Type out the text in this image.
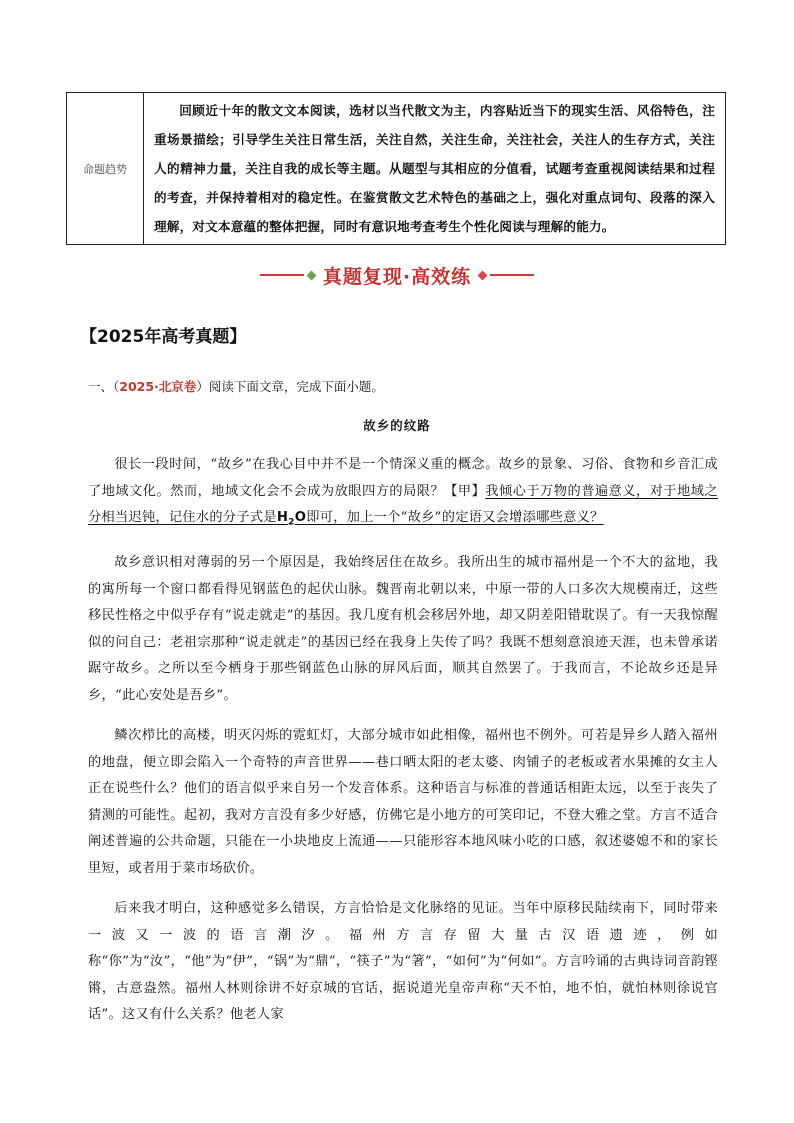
命题趋势	回顾近十年的散文文本阅读，选材以当代散文为主，内容贴近当下的现实生活、风俗特色，注重场景描绘；引导学生关注日常生活，关注自然，关注生命，关注社会，关注人的生存方式，关注人的精神力量，关注自我的成长等主题。从题型与其相应的分值看，试题考查重视阅读结果和过程的考查，并保持着相对的稳定性。在鉴赏散文艺术特色的基础之上，强化对重点词句、段落的深入理解，对文本意蕴的整体把握，同时有意识地考查考生个性化阅读与理解的能力。
真题复现·高效练
【2025年高考真题】
一、（2025·北京卷）阅读下面文章，完成下面小题。
故乡的纹路

很长一段时间，“故乡”在我心目中并不是一个情深义重的概念。故乡的景象、习俗、食物和乡音汇成了地域文化。然而，地域文化会不会成为放眼四方的局限？【甲】我倾心于万物的普遍意义，对于地域之分相当迟钝，记住水的分子式是$H_2O$即可，加上一个“故乡”的定语又会增添哪些意义？

故乡意识相对薄弱的另一个原因是，我始终居住在故乡。我所出生的城市福州是一个不大的盆地，我的寓所每一个窗口都看得见钢蓝色的起伏山脉。魏晋南北朝以来，中原一带的人口多次大规模南迁，这些移民性格之中似乎存有“说走就走”的基因。我几度有机会移居外地，却又阴差阳错耽误了。有一天我惊醒似的问自己：老祖宗那种“说走就走”的基因已经在我身上失传了吗？我既不想刻意浪迹天涯，也未曾承诺踞守故乡。之所以至今栖身于那些钢蓝色山脉的屏风后面，顺其自然罢了。于我而言，不论故乡还是异乡，“此心安处是吾乡”。

鳞次栉比的高楼，明灭闪烁的霓虹灯，大部分城市如此相像，福州也不例外。可若是异乡人踏入福州的地盘，便立即会陷入一个奇特的声音世界——巷口晒太阳的老太婆、肉铺子的老板或者水果摊的女主人正在说些什么？他们的语言似乎来自另一个发音体系。这种语言与标准的普通话相距太远，以至于丧失了猜测的可能性。起初，我对方言没有多少好感，仿佛它是小地方的可笑印记，不登大雅之堂。方言不适合阐述普遍的公共命题，只能在一小块地皮上流通——只能形容本地风味小吃的口感，叙述婆媳不和的家长里短，或者用于菜市场砍价。

后来我才明白，这种感觉多么错误，方言恰恰是文化脉络的见证。当年中原移民陆续南下，同时带来一波又一波的语言潮汐。福州方言存留大量古汉语遗迹，例如称“你”为“汝”，“他”为“伊”，“锅”为“鼎”，“筷子”为“箸”，“如何”为“何如”。方言吟诵的古典诗词音韵铿锵，古意盎然。福州人林则徐讲不好京城的官话，据说道光皇帝声称“天不怕，地不怕，就怕林则徐说官话”。这又有什么关系？他老人家
